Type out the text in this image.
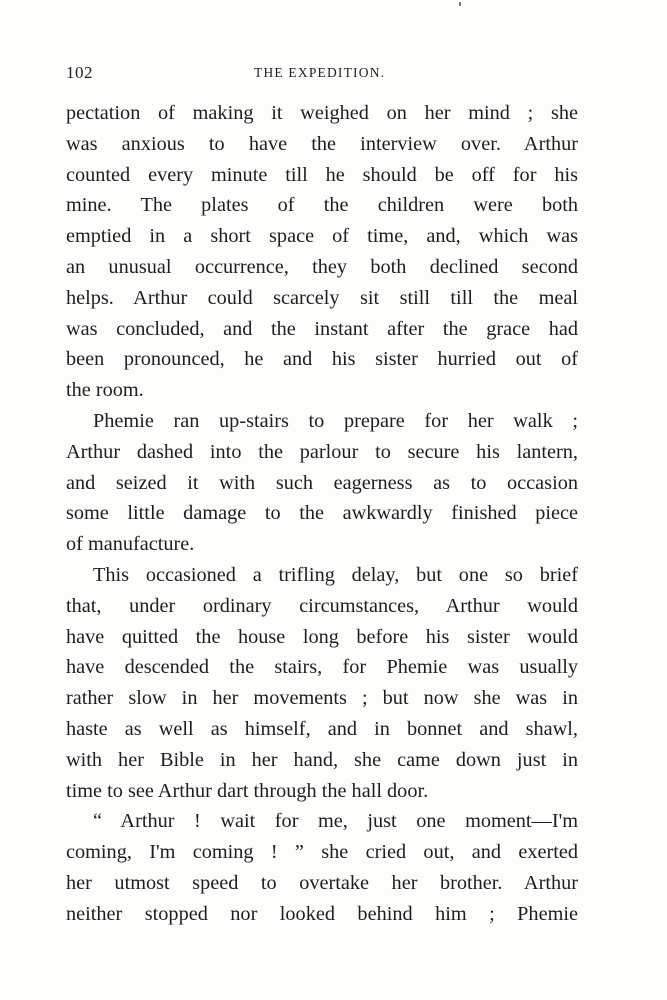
102	THE EXPEDITION.
pectation of making it weighed on her mind ; she
was anxious to have the interview over. Arthur
counted every minute till he should be off for his
mine. The plates of the children were both
emptied in a short space of time, and, which was
an unusual occurrence, they both declined second
helps. Arthur could scarcely sit still till the meal
was concluded, and the instant after the grace had
been pronounced, he and his sister hurried out of
the room.
Phemie ran up-stairs to prepare for her walk ;
Arthur dashed into the parlour to secure his lantern,
and seized it with such eagerness as to occasion
some little damage to the awkwardly finished piece
of manufacture.
This occasioned a trifling delay, but one so brief
that, under ordinary circumstances, Arthur would
have quitted the house long before his sister would
have descended the stairs, for Phemie was usually
rather slow in her movements ; but now she was in
haste as well as himself, and in bonnet and shawl,
with her Bible in her hand, she came down just in
time to see Arthur dart through the hall door.
“ Arthur ! wait for me, just one moment—I'm
coming, I'm coming ! ” she cried out, and exerted
her utmost speed to overtake her brother. Arthur
neither stopped nor looked behind him ; Phemie
